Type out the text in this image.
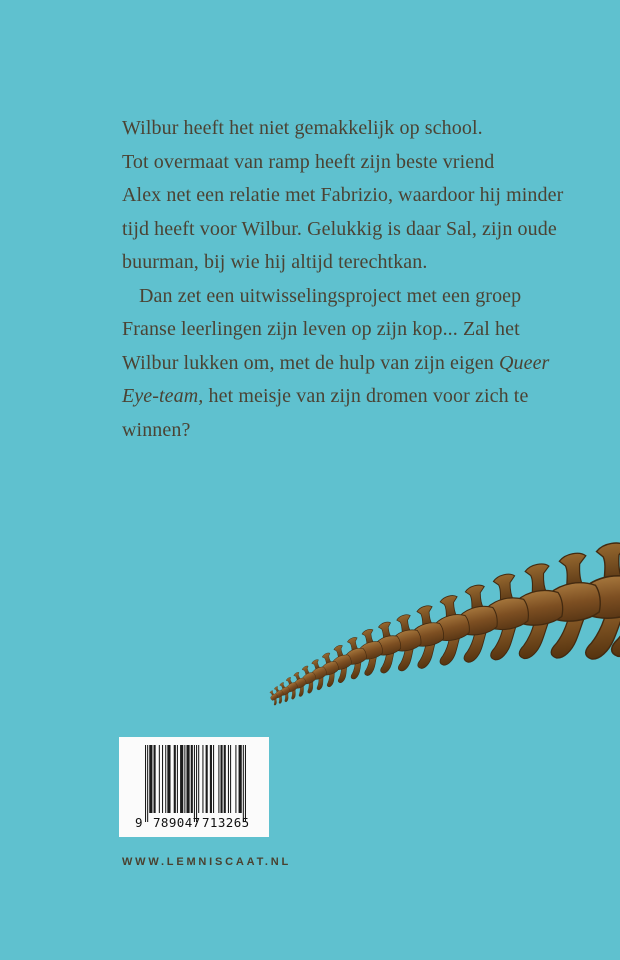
Wilbur heeft het niet gemakkelijk op school.
Tot overmaat van ramp heeft zijn beste vriend
Alex net een relatie met Fabrizio, waardoor hij minder
tijd heeft voor Wilbur. Gelukkig is daar Sal, zijn oude
buurman, bij wie hij altijd terechtkan.
Dan zet een uitwisselingsproject met een groep
Franse leerlingen zijn leven op zijn kop... Zal het
Wilbur lukken om, met de hulp van zijn eigen Queer
Eye-team, het meisje van zijn dromen voor zich te
winnen?
9 789047 713265
WWW.LEMNISCAAT.NL
